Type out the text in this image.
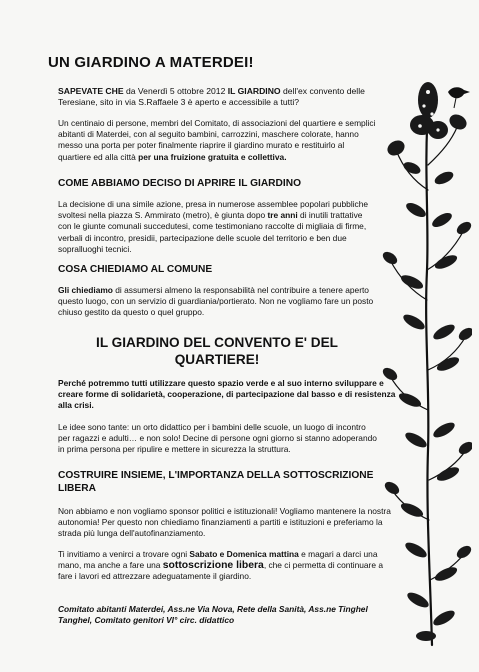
UN GIARDINO A MATERDEI!

SAPEVATE CHE da Venerdì 5 ottobre 2012 IL GIARDINO dell'ex convento delle Teresiane, sito in via S.Raffaele 3 è aperto e accessibile a tutti?

Un centinaio di persone, membri del Comitato, di associazioni del quartiere e semplici abitanti di Materdei, con al seguito bambini, carrozzini, maschere colorate, hanno messo una porta per poter finalmente riaprire il giardino murato e restituirlo al quartiere ed alla città per una fruizione gratuita e collettiva.

COME ABBIAMO DECISO DI APRIRE IL GIARDINO

La decisione di una simile azione, presa in numerose assemblee popolari pubbliche svoltesi nella piazza S. Ammirato (metro), è giunta dopo tre anni di inutili trattative con le giunte comunali succedutesi, come testimoniano raccolte di migliaia di firme, verbali di incontro, presidii, partecipazione delle scuole del territorio e ben due sopralluoghi tecnici.

COSA CHIEDIAMO AL COMUNE

Gli chiediamo di assumersi almeno la responsabilità nel contribuire a tenere aperto questo luogo, con un servizio di guardiania/portierato. Non ne vogliamo fare un posto chiuso gestito da questo o quel gruppo.

IL GIARDINO DEL CONVENTO E' DEL QUARTIERE!

Perché potremmo tutti utilizzare questo spazio verde e al suo interno sviluppare e creare forme di solidarietà, cooperazione, di partecipazione dal basso e di resistenza alla crisi.

Le idee sono tante: un orto didattico per i bambini delle scuole, un luogo di incontro per ragazzi e adulti… e non solo! Decine di persone ogni giorno si stanno adoperando in prima persona per ripulire e mettere in sicurezza la struttura.

COSTRUIRE INSIEME, L'IMPORTANZA DELLA SOTTOSCRIZIONE LIBERA

Non abbiamo e non vogliamo sponsor politici e istituzionali! Vogliamo mantenere la nostra autonomia! Per questo non chiediamo finanziamenti a partiti e istituzioni e preferiamo la strada più lunga dell'autofinanziamento.

Ti invitiamo a venirci a trovare ogni Sabato e Domenica mattina e magari a darci una mano, ma anche a fare una sottoscrizione libera, che ci permetta di continuare a fare i lavori ed attrezzare adeguatamente il giardino.

Comitato abitanti Materdei, Ass.ne Via Nova, Rete della Sanità, Ass.ne Tinghel Tanghel, Comitato genitori VI° circ. didattico
